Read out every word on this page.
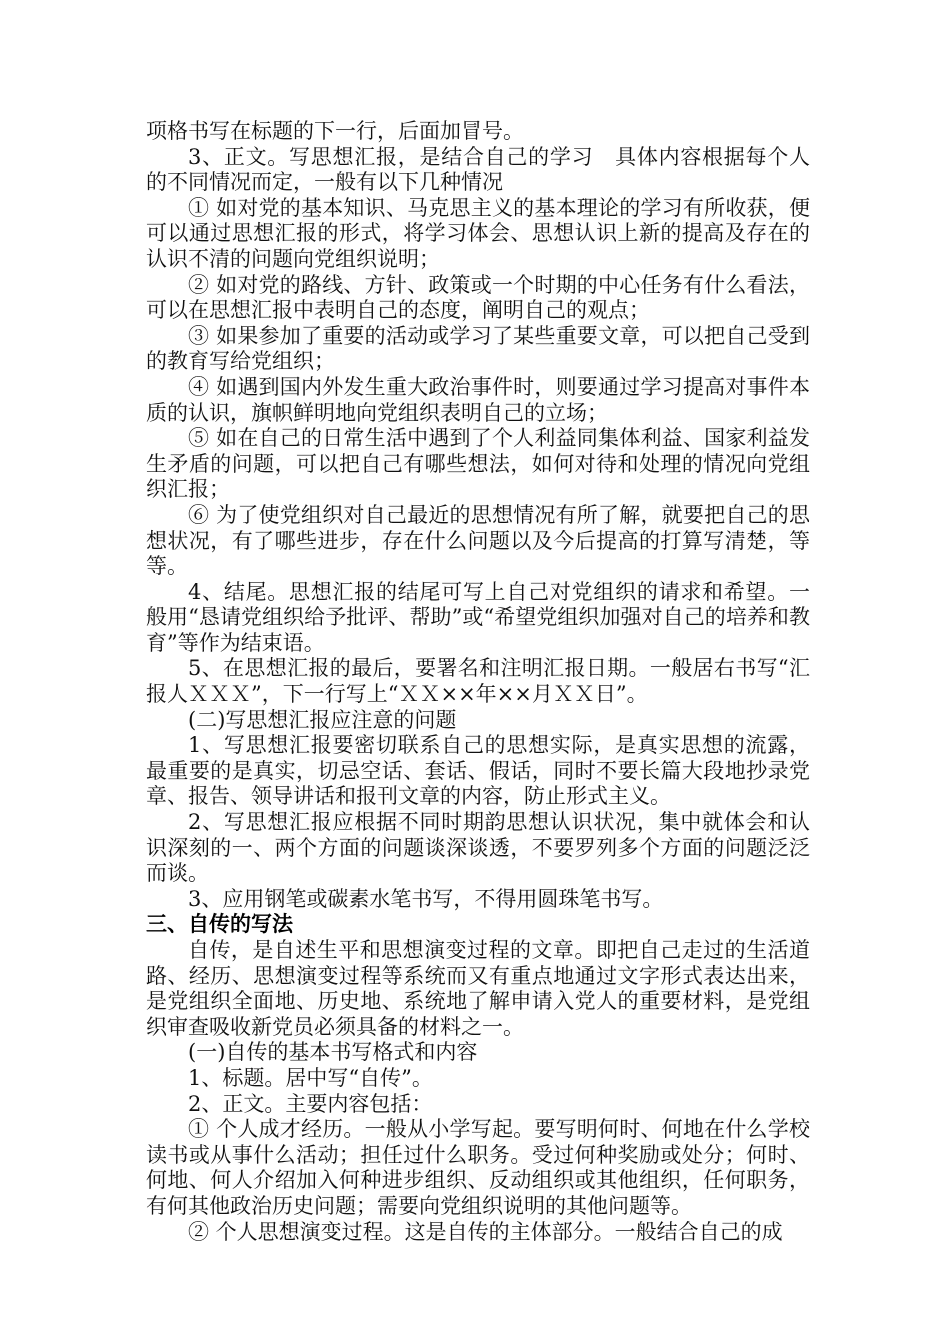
项格书写在标题的下一行，后面加冒号。

3、正文。写思想汇报，是结合自己的学习　具体内容根据每个人的不同情况而定，一般有以下几种情况

① 如对党的基本知识、马克思主义的基本理论的学习有所收获，便可以通过思想汇报的形式，将学习体会、思想认识上新的提高及存在的认识不清的问题向党组织说明；

② 如对党的路线、方针、政策或一个时期的中心任务有什么看法，可以在思想汇报中表明自己的态度，阐明自己的观点；

③ 如果参加了重要的活动或学习了某些重要文章，可以把自己受到的教育写给党组织；

④ 如遇到国内外发生重大政治事件时，则要通过学习提高对事件本质的认识，旗帜鲜明地向党组织表明自己的立场；

⑤ 如在自己的日常生活中遇到了个人利益同集体利益、国家利益发生矛盾的问题，可以把自己有哪些想法，如何对待和处理的情况向党组织汇报；

⑥ 为了使党组织对自己最近的思想情况有所了解，就要把自己的思想状况，有了哪些进步，存在什么问题以及今后提高的打算写清楚，等等。

4、结尾。思想汇报的结尾可写上自己对党组织的请求和希望。一般用“恳请党组织给予批评、帮助”或“希望党组织加强对自己的培养和教育”等作为结束语。

5、在思想汇报的最后，要署名和注明汇报日期。一般居右书写“汇报人ＸＸＸ”，下一行写上“ＸＸ××年××月ＸＸ日”。

(二)写思想汇报应注意的问题

1、写思想汇报要密切联系自己的思想实际，是真实思想的流露，最重要的是真实，切忌空话、套话、假话，同时不要长篇大段地抄录党章、报告、领导讲话和报刊文章的内容，防止形式主义。

2、写思想汇报应根据不同时期韵思想认识状况，集中就体会和认识深刻的一、两个方面的问题谈深谈透，不要罗列多个方面的问题泛泛而谈。

3、应用钢笔或碳素水笔书写，不得用圆珠笔书写。

三、自传的写法

自传，是自述生平和思想演变过程的文章。即把自己走过的生活道路、经历、思想演变过程等系统而又有重点地通过文字形式表达出来，是党组织全面地、历史地、系统地了解申请入党人的重要材料，是党组织审查吸收新党员必须具备的材料之一。

(一)自传的基本书写格式和内容

1、标题。居中写“自传”。

2、正文。主要内容包括：

① 个人成才经历。一般从小学写起。要写明何时、何地在什么学校读书或从事什么活动；担任过什么职务。受过何种奖励或处分；何时、何地、何人介绍加入何种进步组织、反动组织或其他组织，任何职务，有何其他政治历史问题；需要向党组织说明的其他问题等。

② 个人思想演变过程。这是自传的主体部分。一般结合自己的成
